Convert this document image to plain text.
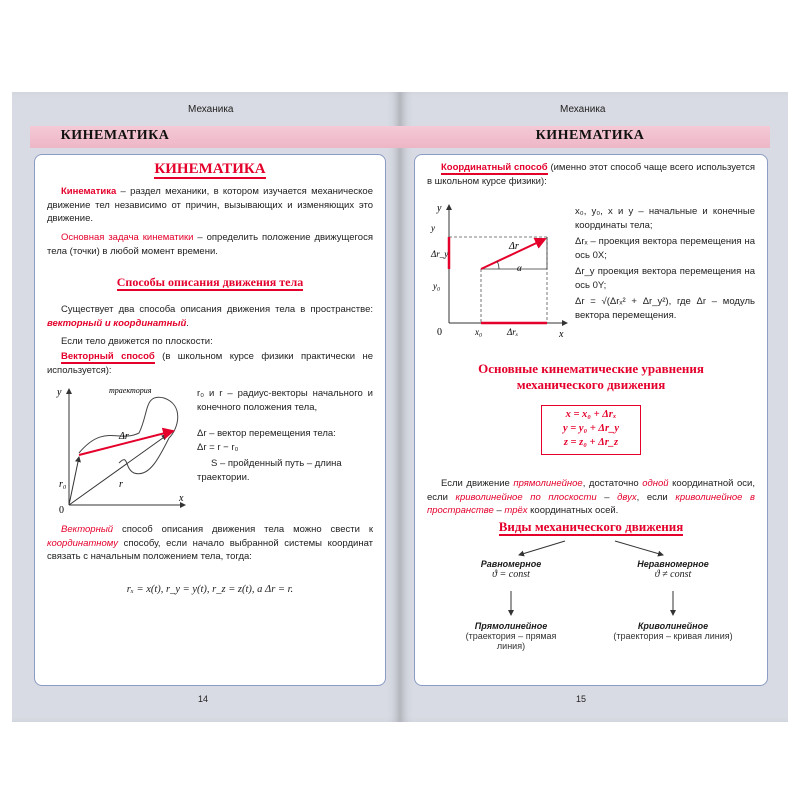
Механика
КИНЕМАТИКА
КИНЕМАТИКА
Кинематика – раздел механики, в котором изучается механическое движение тел независимо от причин, вызывающих и изменяющих это движение.
Основная задача кинематики – определить положение движущегося тела (точки) в любой момент времени.
Способы описания движения тела
Существует два способа описания движения тела в пространстве: векторный и координатный.
Если тело движется по плоскости:
Векторный способ (в школьном курсе физики практически не используется):
y
x
0
траектория
Δr
r₀	r
r₀ и r – радиус-векторы начального и конечного положения тела,
Δr – вектор перемещения тела:
Δr = r − r₀
S – пройденный путь – длина траектории.
Векторный способ описания движения тела можно свести к координатному способу, если начало выбранной системы координат связать с начальным положением тела, тогда:
rₓ = x(t), r_y = y(t), r_z = z(t), а Δr = r.
14
Механика
КИНЕМАТИКА
Координатный способ (именно этот способ чаще всего используется в школьном курсе физики):
y
x
0
y
Δr_y
y₀
x₀	Δrₓ
Δr
α
x₀, y₀, x и y – начальные и конечные координаты тела;
Δrₓ – проекция вектора перемещения на ось 0X;
Δr_y проекция вектора перемещения на ось 0Y;
Δr = √(Δrₓ² + Δr_y²), где Δr – модуль вектора перемещения.
Основные кинематические уравнения механического движения
x = x₀ + Δrₓ
y = y₀ + Δr_y
z = z₀ + Δr_z
Если движение прямолинейное, достаточно одной координатной оси, если криволинейное по плоскости – двух, если криволинейное в пространстве – трёх координатных осей.
Виды механического движения
Равномерное
ϑ = const
Неравномерное
ϑ ≠ const
Прямолинейное
(траектория – прямая линия)
Криволинейное
(траектория – кривая линия)
15
